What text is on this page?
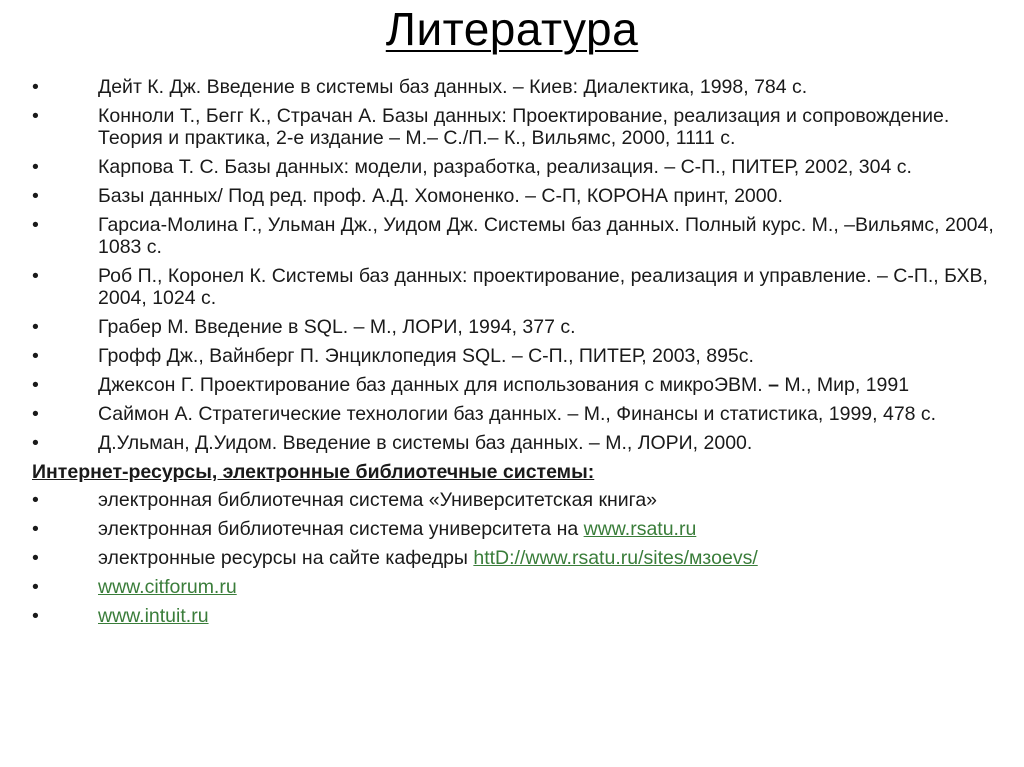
Литература
•	Дейт К. Дж. Введение в системы баз данных. – Киев: Диалектика, 1998, 784 с.
•	Конноли Т., Бегг К., Страчан А. Базы данных: Проектирование, реализация и сопровождение. Теория и практика, 2-е издание – М.– С./П.– К., Вильямс, 2000, 1111 с.
•	Карпова Т. С. Базы данных: модели, разработка, реализация. – С-П., ПИТЕР, 2002, 304 с.
•	Базы данных/ Под ред. проф. А.Д. Хомоненко. – С-П, КОРОНА принт, 2000.
•	Гарсиа-Молина Г., Ульман Дж., Уидом Дж. Системы баз данных. Полный курс. М., –Вильямс, 2004, 1083 с.
•	Роб П., Коронел К. Системы баз данных: проектирование, реализация и управление. – С-П., БХВ, 2004, 1024 с.
•	Грабер М. Введение в SQL. – М., ЛОРИ, 1994, 377 с.
•	Грофф Дж., Вайнберг П. Энциклопедия SQL. – С-П., ПИТЕР, 2003, 895с.
•	Джексон Г. Проектирование баз данных для использования с микроЭВМ. – М., Мир, 1991
•	Саймон А. Стратегические технологии баз данных. – М., Финансы и статистика, 1999, 478 с.
•	Д.Ульман, Д.Уидом. Введение в системы баз данных. – М., ЛОРИ, 2000.
Интернет-ресурсы, электронные библиотечные системы:
•	электронная библиотечная система «Университетская книга»
•	электронная библиотечная система университета на www.rsatu.ru
•	электронные ресурсы на сайте кафедры httD://www.rsatu.ru/sites/мзoevs/
•	www.citforum.ru
•	www.intuit.ru
